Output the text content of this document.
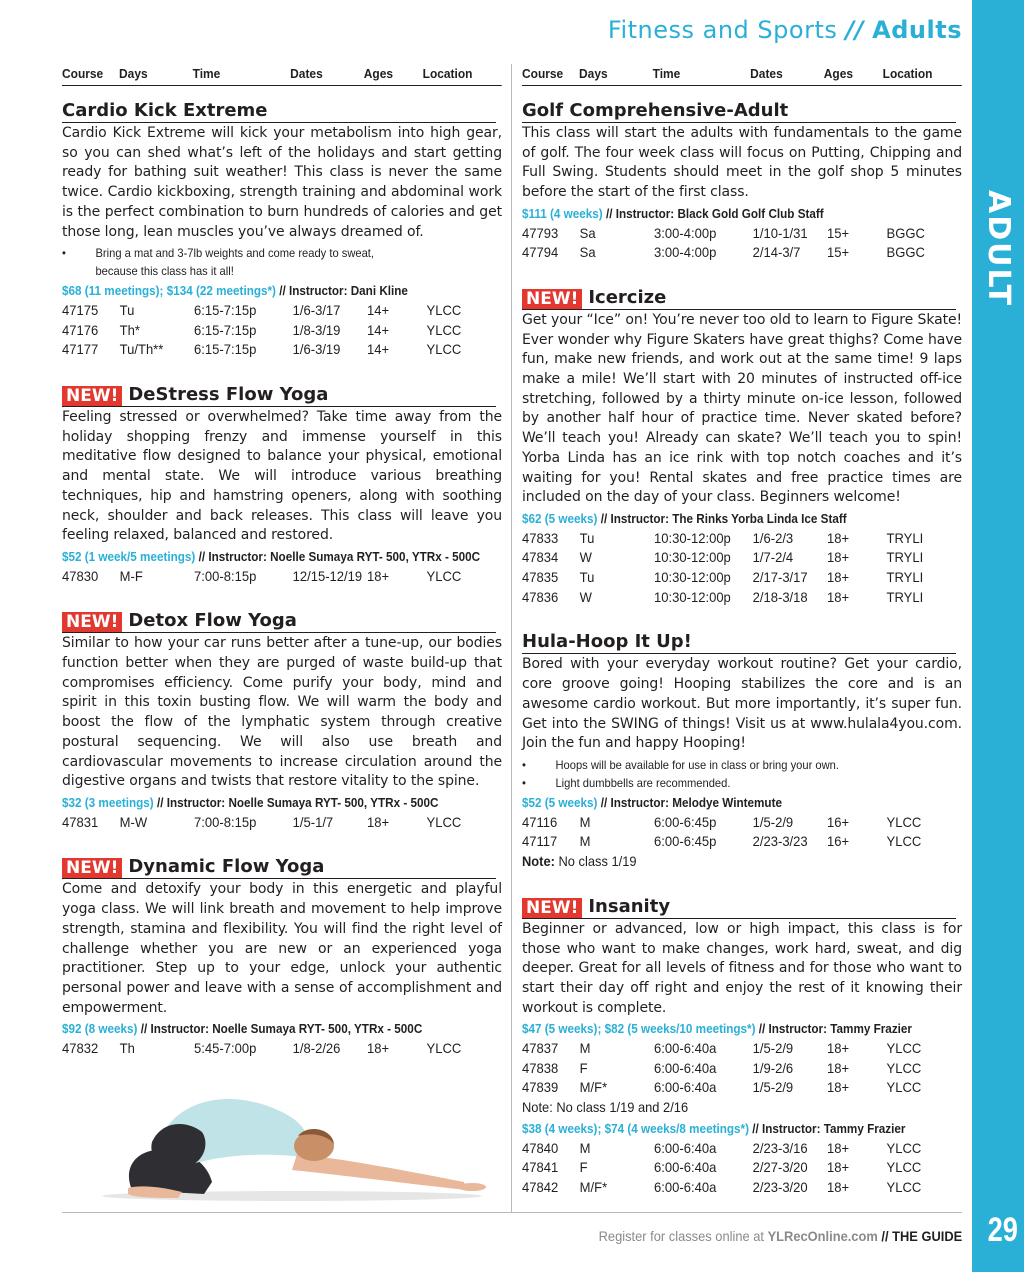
Fitness and Sports // Adults
ADULT
29
Course	Days	Time	Dates	Ages	Location
Cardio Kick Extreme
Cardio Kick Extreme will kick your metabolism into high gear, so you can shed what’s left of the holidays and start getting ready for bathing suit weather! This class is never the same twice. Cardio kickboxing, strength training and abdominal work is the perfect combination to burn hundreds of calories and get those long, lean muscles you’ve always dreamed of.
• Bring a mat and 3-7lb weights and come ready to sweat,
because this class has it all!
$68 (11 meetings); $134 (22 meetings*) // Instructor: Dani Kline
47175	Tu	6:15-7:15p	1/6-3/17	14+	YLCC
47176	Th*	6:15-7:15p	1/8-3/19	14+	YLCC
47177	Tu/Th**	6:15-7:15p	1/6-3/19	14+	YLCC
NEW! DeStress Flow Yoga
Feeling stressed or overwhelmed? Take time away from the holiday shopping frenzy and immense yourself in this meditative flow designed to balance your physical, emotional and mental state. We will introduce various breathing techniques, hip and hamstring openers, along with soothing neck, shoulder and back releases. This class will leave you feeling relaxed, balanced and restored.
$52 (1 week/5 meetings) // Instructor: Noelle Sumaya RYT- 500, YTRx - 500C
47830	M-F	7:00-8:15p	12/15-12/19 18+	YLCC
NEW! Detox Flow Yoga
Similar to how your car runs better after a tune-up, our bodies function better when they are purged of waste build-up that compromises efficiency. Come purify your body, mind and spirit in this toxin busting flow. We will warm the body and boost the flow of the lymphatic system through creative postural sequencing. We will also use breath and cardiovascular movements to increase circulation around the digestive organs and twists that restore vitality to the spine.
$32 (3 meetings) // Instructor: Noelle Sumaya RYT- 500, YTRx - 500C
47831	M-W	7:00-8:15p	1/5-1/7	18+	YLCC
NEW! Dynamic Flow Yoga
Come and detoxify your body in this energetic and playful yoga class. We will link breath and movement to help improve strength, stamina and flexibility. You will find the right level of challenge whether you are new or an experienced yoga practitioner. Step up to your edge, unlock your authentic personal power and leave with a sense of accomplishment and empowerment.
$92 (8 weeks) // Instructor: Noelle Sumaya RYT- 500, YTRx - 500C
47832	Th	5:45-7:00p	1/8-2/26	18+	YLCC
Course	Days	Time	Dates	Ages	Location
Golf Comprehensive-Adult
This class will start the adults with fundamentals to the game of golf. The four week class will focus on Putting, Chipping and Full Swing. Students should meet in the golf shop 5 minutes before the start of the first class.
$111 (4 weeks) // Instructor: Black Gold Golf Club Staff
47793	Sa	3:00-4:00p	1/10-1/31	15+	BGGC
47794	Sa	3:00-4:00p	2/14-3/7	15+	BGGC
NEW! Icercize
Get your “Ice” on! You’re never too old to learn to Figure Skate! Ever wonder why Figure Skaters have great thighs? Come have fun, make new friends, and work out at the same time! 9 laps make a mile! We’ll start with 20 minutes of instructed off-ice stretching, followed by a thirty minute on-ice lesson, followed by another half hour of practice time. Never skated before? We’ll teach you! Already can skate? We’ll teach you to spin! Yorba Linda has an ice rink with top notch coaches and it’s waiting for you! Rental skates and free practice times are included on the day of your class. Beginners welcome!
$62 (5 weeks) // Instructor: The Rinks Yorba Linda Ice Staff
47833	Tu	10:30-12:00p	1/6-2/3	18+	TRYLI
47834	W	10:30-12:00p	1/7-2/4	18+	TRYLI
47835	Tu	10:30-12:00p	2/17-3/17	18+	TRYLI
47836	W	10:30-12:00p	2/18-3/18	18+	TRYLI
Hula-Hoop It Up!
Bored with your everyday workout routine? Get your cardio, core groove going! Hooping stabilizes the core and is an awesome cardio workout. But more importantly, it’s super fun. Get into the SWING of things! Visit us at www.hulala4you.com. Join the fun and happy Hooping!
• Hoops will be available for use in class or bring your own.
• Light dumbbells are recommended.
$52 (5 weeks) // Instructor: Melodye Wintemute
47116	M	6:00-6:45p	1/5-2/9	16+	YLCC
47117	M	6:00-6:45p	2/23-3/23	16+	YLCC
Note: No class 1/19
NEW! Insanity
Beginner or advanced, low or high impact, this class is for those who want to make changes, work hard, sweat, and dig deeper. Great for all levels of fitness and for those who want to start their day off right and enjoy the rest of it knowing their workout is complete.
$47 (5 weeks); $82 (5 weeks/10 meetings*) // Instructor: Tammy Frazier
47837	M	6:00-6:40a	1/5-2/9	18+	YLCC
47838	F	6:00-6:40a	1/9-2/6	18+	YLCC
47839	M/F*	6:00-6:40a	1/5-2/9	18+	YLCC
Note: No class 1/19 and 2/16
$38 (4 weeks); $74 (4 weeks/8 meetings*) // Instructor: Tammy Frazier
47840	M	6:00-6:40a	2/23-3/16	18+	YLCC
47841	F	6:00-6:40a	2/27-3/20	18+	YLCC
47842	M/F*	6:00-6:40a	2/23-3/20	18+	YLCC
Register for classes online at YLRecOnline.com // THE GUIDE
